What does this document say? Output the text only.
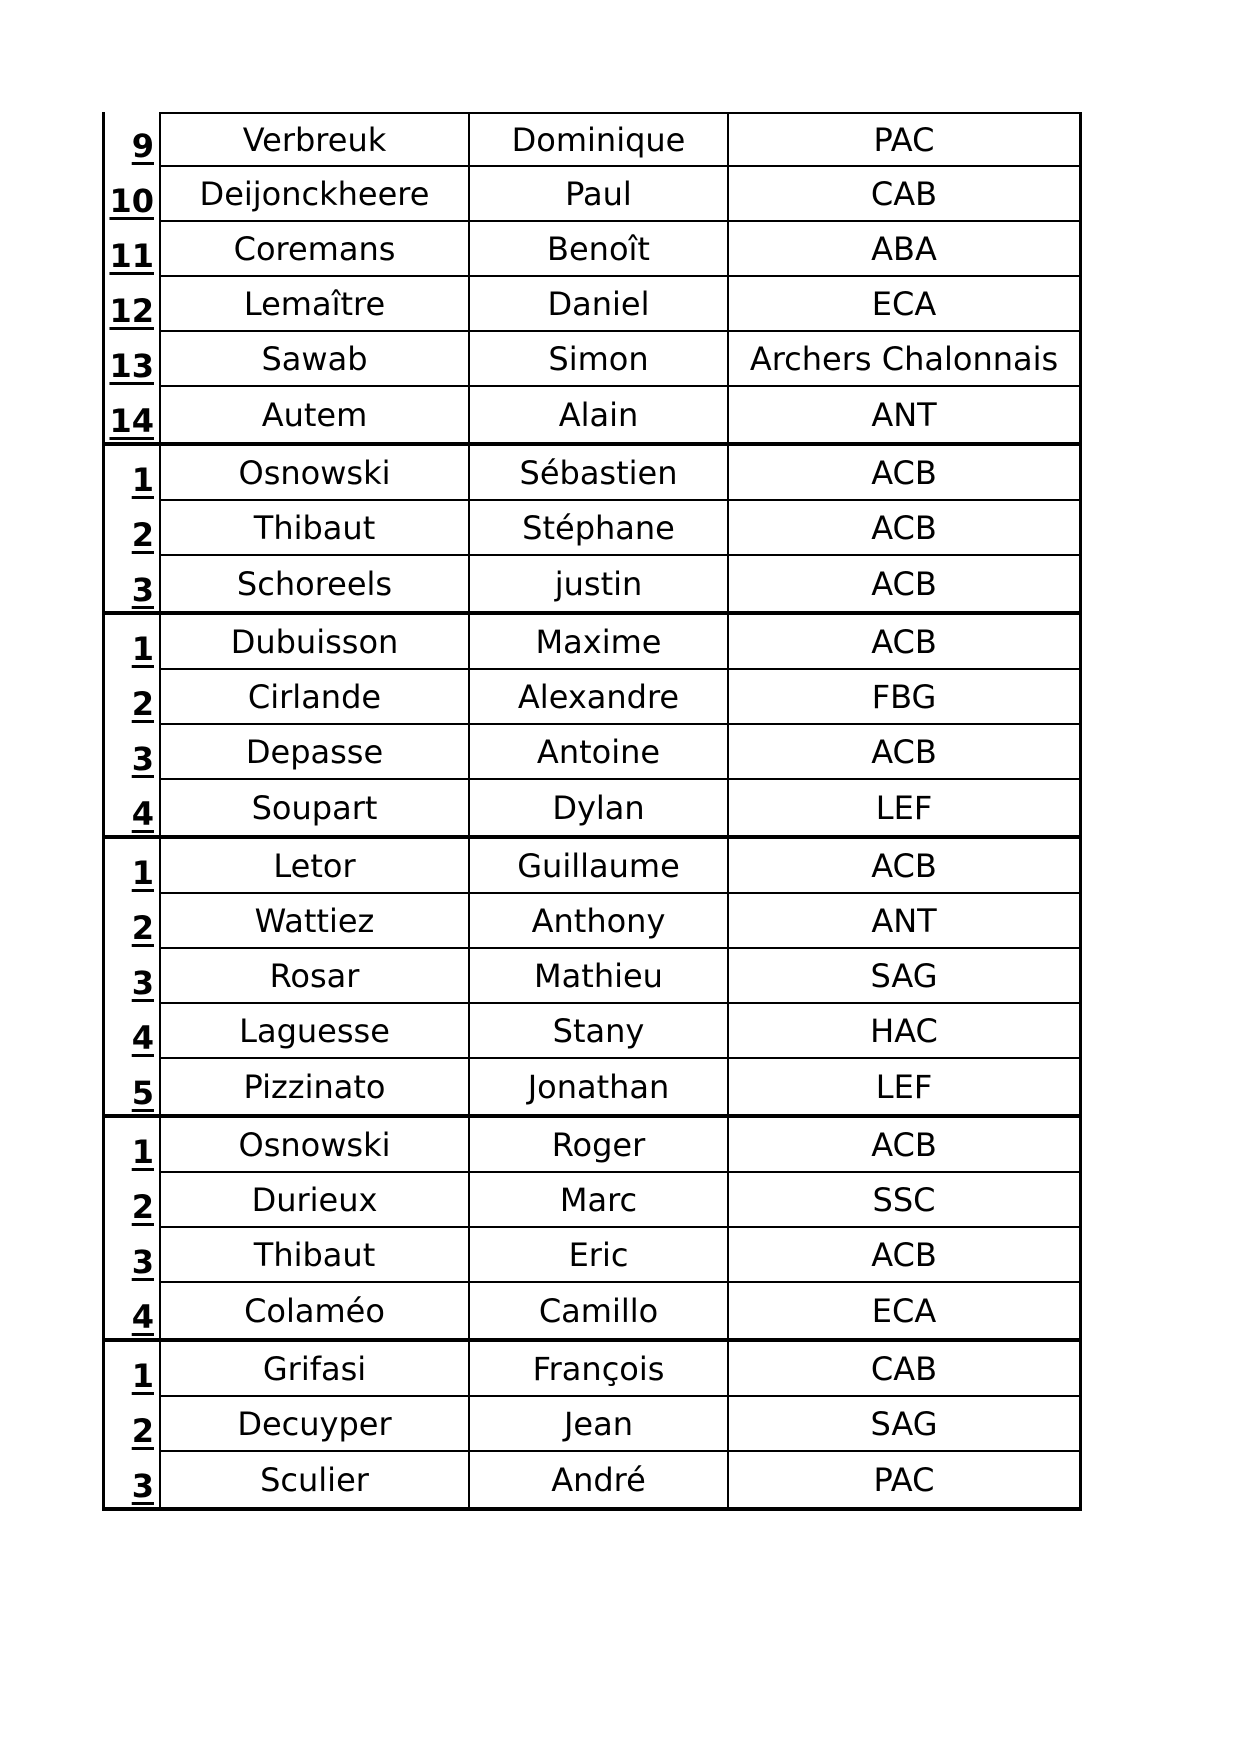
9	Verbreuk	Dominique	PAC
10	Deijonckheere	Paul	CAB
11	Coremans	Benoît	ABA
12	Lemaître	Daniel	ECA
13	Sawab	Simon	Archers Chalonnais
14	Autem	Alain	ANT
1	Osnowski	Sébastien	ACB
2	Thibaut	Stéphane	ACB
3	Schoreels	justin	ACB
1	Dubuisson	Maxime	ACB
2	Cirlande	Alexandre	FBG
3	Depasse	Antoine	ACB
4	Soupart	Dylan	LEF
1	Letor	Guillaume	ACB
2	Wattiez	Anthony	ANT
3	Rosar	Mathieu	SAG
4	Laguesse	Stany	HAC
5	Pizzinato	Jonathan	LEF
1	Osnowski	Roger	ACB
2	Durieux	Marc	SSC
3	Thibaut	Eric	ACB
4	Colaméo	Camillo	ECA
1	Grifasi	François	CAB
2	Decuyper	Jean	SAG
3	Sculier	André	PAC
